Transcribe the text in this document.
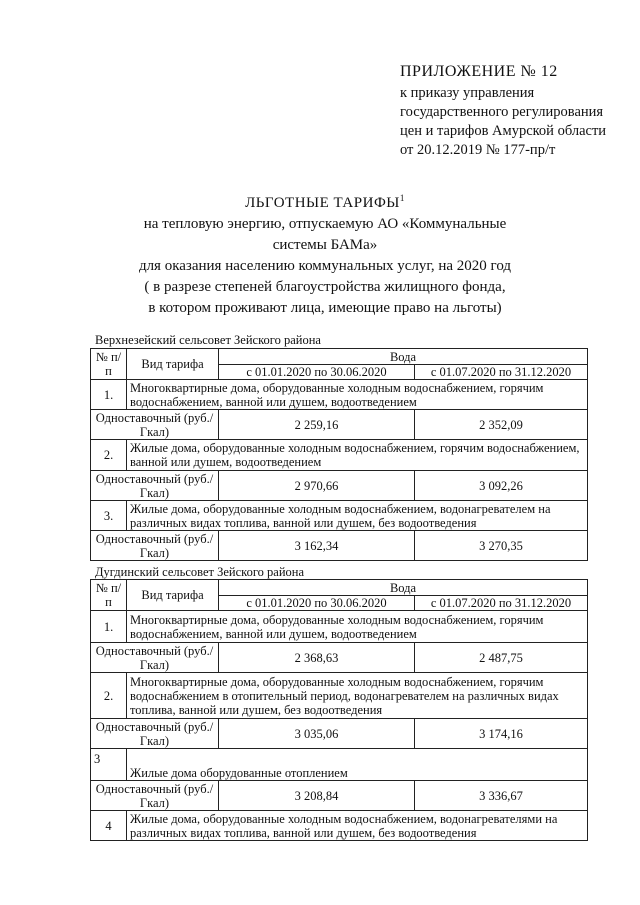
ПРИЛОЖЕНИЕ № 12
к приказу управления
государственного регулирования
цен и тарифов Амурской области
от 20.12.2019 № 177-пр/т
ЛЬГОТНЫЕ ТАРИФЫ$^1$
на тепловую энергию, отпускаемую АО «Коммунальные
системы БАМа»
для оказания населению коммунальных услуг, на 2020 год
( в разрезе степеней благоустройства жилищного фонда,
в котором проживают лица, имеющие право на льготы)
Верхнезейский сельсовет Зейского района
№ п/п	Вид тарифа	Вода	
		с 01.01.2020 по 30.06.2020	с 01.07.2020 по 31.12.2020
1.	Многоквартирные дома, оборудованные холодным водоснабжением, горячим водоснабжением, ванной или душем, водоотведением		
Одноставочный (руб./Гкал)		2 259,16	2 352,09
2.	Жилые дома, оборудованные холодным водоснабжением, горячим водоснабжением, ванной или душем, водоотведением		
Одноставочный (руб./Гкал)		2 970,66	3 092,26
3.	Жилые дома, оборудованные холодным водоснабжением, водонагревателем на различных видах топлива, ванной или душем, без водоотведения		
Одноставочный (руб./Гкал)		3 162,34	3 270,35
Дугдинский сельсовет Зейского района
№ п/п	Вид тарифа	Вода	
		с 01.01.2020 по 30.06.2020	с 01.07.2020 по 31.12.2020
1.	Многоквартирные дома, оборудованные холодным водоснабжением, горячим водоснабжением, ванной или душем, водоотведением		
Одноставочный (руб./Гкал)		2 368,63	2 487,75
2.	Многоквартирные дома, оборудованные холодным водоснабжением, горячим водоснабжением в отопительный период, водонагревателем на различных видах топлива, ванной или душем, без водоотведения		
Одноставочный (руб./Гкал)		3 035,06	3 174,16
3	Жилые дома оборудованные отоплением		
Одноставочный (руб./Гкал)		3 208,84	3 336,67
4	Жилые дома, оборудованные холодным водоснабжением, водонагревателями на различных видах топлива, ванной или душем, без водоотведения		
